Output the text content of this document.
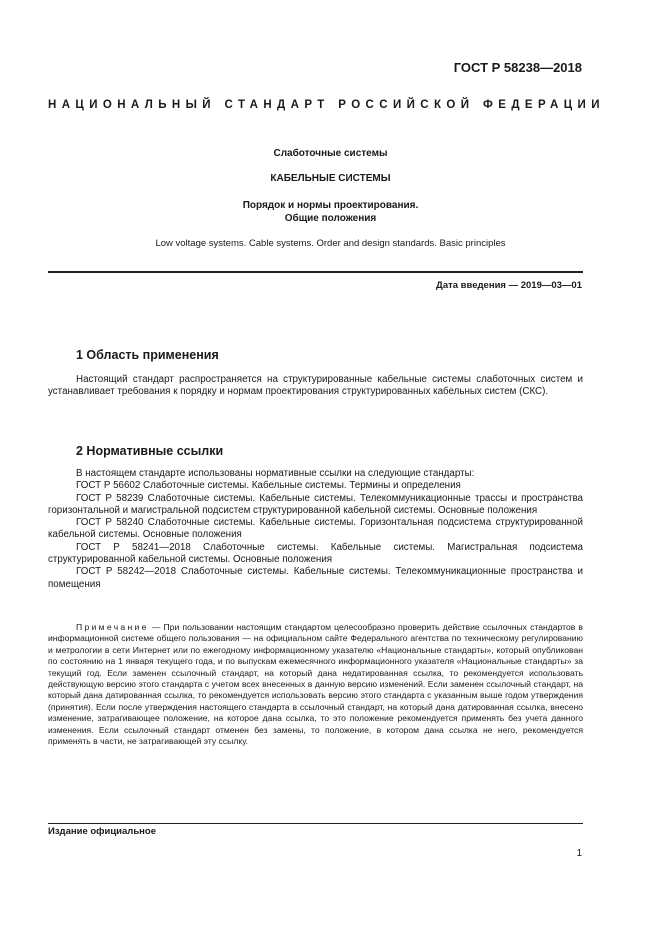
ГОСТ Р 58238—2018
НАЦИОНАЛЬНЫЙ СТАНДАРТ РОССИЙСКОЙ ФЕДЕРАЦИИ
Слаботочные системы
КАБЕЛЬНЫЕ СИСТЕМЫ
Порядок и нормы проектирования.
Общие положения
Low voltage systems. Cable systems. Order and design standards. Basic principles
Дата введения — 2019—03—01
1 Область применения
Настоящий стандарт распространяется на структурированные кабельные системы слаботочных систем и устанавливает требования к порядку и нормам проектирования структурированных кабельных систем (СКС).
2 Нормативные ссылки
В настоящем стандарте использованы нормативные ссылки на следующие стандарты:
ГОСТ Р 56602 Слаботочные системы. Кабельные системы. Термины и определения
ГОСТ Р 58239 Слаботочные системы. Кабельные системы. Телекоммуникационные трассы и пространства горизонтальной и магистральной подсистем структурированной кабельной системы. Основные положения
ГОСТ Р 58240 Слаботочные системы. Кабельные системы. Горизонтальная подсистема структурированной кабельной системы. Основные положения
ГОСТ Р 58241—2018 Слаботочные системы. Кабельные системы. Магистральная подсистема структурированной кабельной системы. Основные положения
ГОСТ Р 58242—2018 Слаботочные системы. Кабельные системы. Телекоммуникационные пространства и помещения
Примечание — При пользовании настоящим стандартом целесообразно проверить действие ссылочных стандартов в информационной системе общего пользования — на официальном сайте Федерального агентства по техническому регулированию и метрологии в сети Интернет или по ежегодному информационному указателю «Национальные стандарты», который опубликован по состоянию на 1 января текущего года, и по выпускам ежемесячного информационного указателя «Национальные стандарты» за текущий год. Если заменен ссылочный стандарт, на который дана недатированная ссылка, то рекомендуется использовать действующую версию этого стандарта с учетом всех внесенных в данную версию изменений. Если заменен ссылочный стандарт, на который дана датированная ссылка, то рекомендуется использовать версию этого стандарта с указанным выше годом утверждения (принятия). Если после утверждения настоящего стандарта в ссылочный стандарт, на который дана датированная ссылка, внесено изменение, затрагивающее положение, на которое дана ссылка, то это положение рекомендуется применять без учета данного изменения. Если ссылочный стандарт отменен без замены, то положение, в котором дана ссылка не него, рекомендуется применять в части, не затрагивающей эту ссылку.
Издание официальное
1
